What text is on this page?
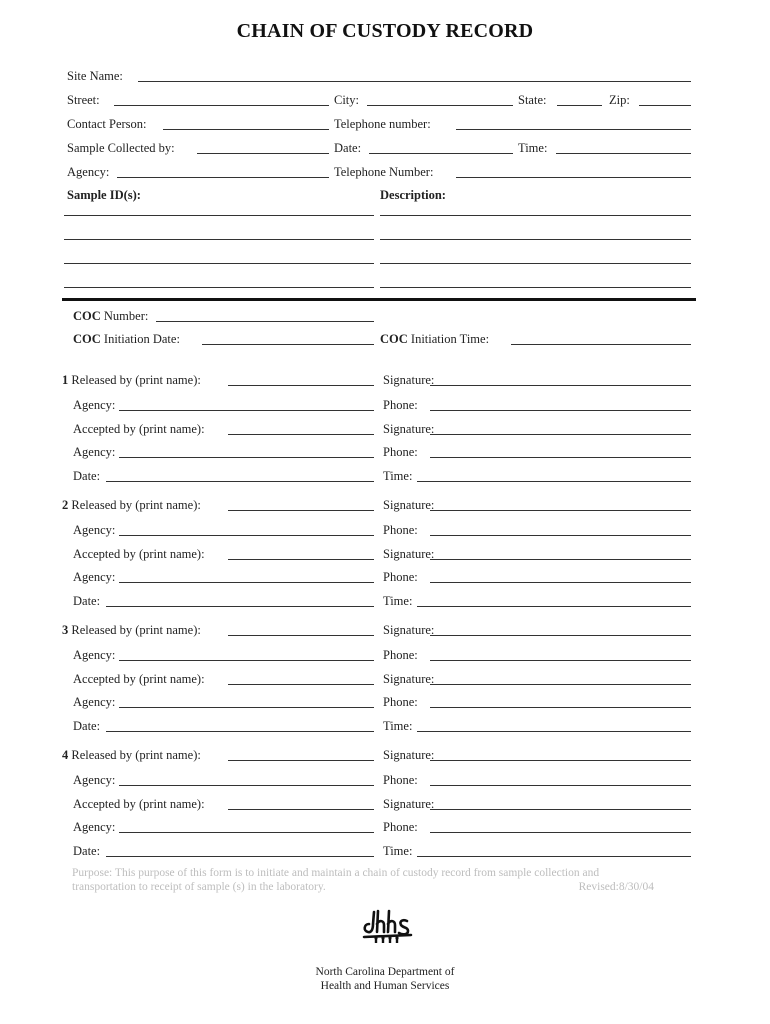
CHAIN OF CUSTODY RECORD
Site Name:
Street:	City:	State:	Zip:
Contact Person:	Telephone number:
Sample Collected by:	Date:	Time:
Agency:	Telephone Number:
Sample ID(s):	Description:
COC Number:
COC Initiation Date:	COC Initiation Time:
1 Released by (print name):	Signature:
Agency:	Phone:
Accepted by (print name):	Signature:
Agency:	Phone:
Date:	Time:
2 Released by (print name):	Signature:
Agency:	Phone:
Accepted by (print name):	Signature:
Agency:	Phone:
Date:	Time:
3 Released by (print name):	Signature:
Agency:	Phone:
Accepted by (print name):	Signature:
Agency:	Phone:
Date:	Time:
4 Released by (print name):	Signature:
Agency:	Phone:
Accepted by (print name):	Signature:
Agency:	Phone:
Date:	Time:
Purpose: This purpose of this form is to initiate and maintain a chain of custody record from sample collection and transportation to receipt of sample (s) in the laboratory.	Revised:8/30/04
North Carolina Department of
Health and Human Services
